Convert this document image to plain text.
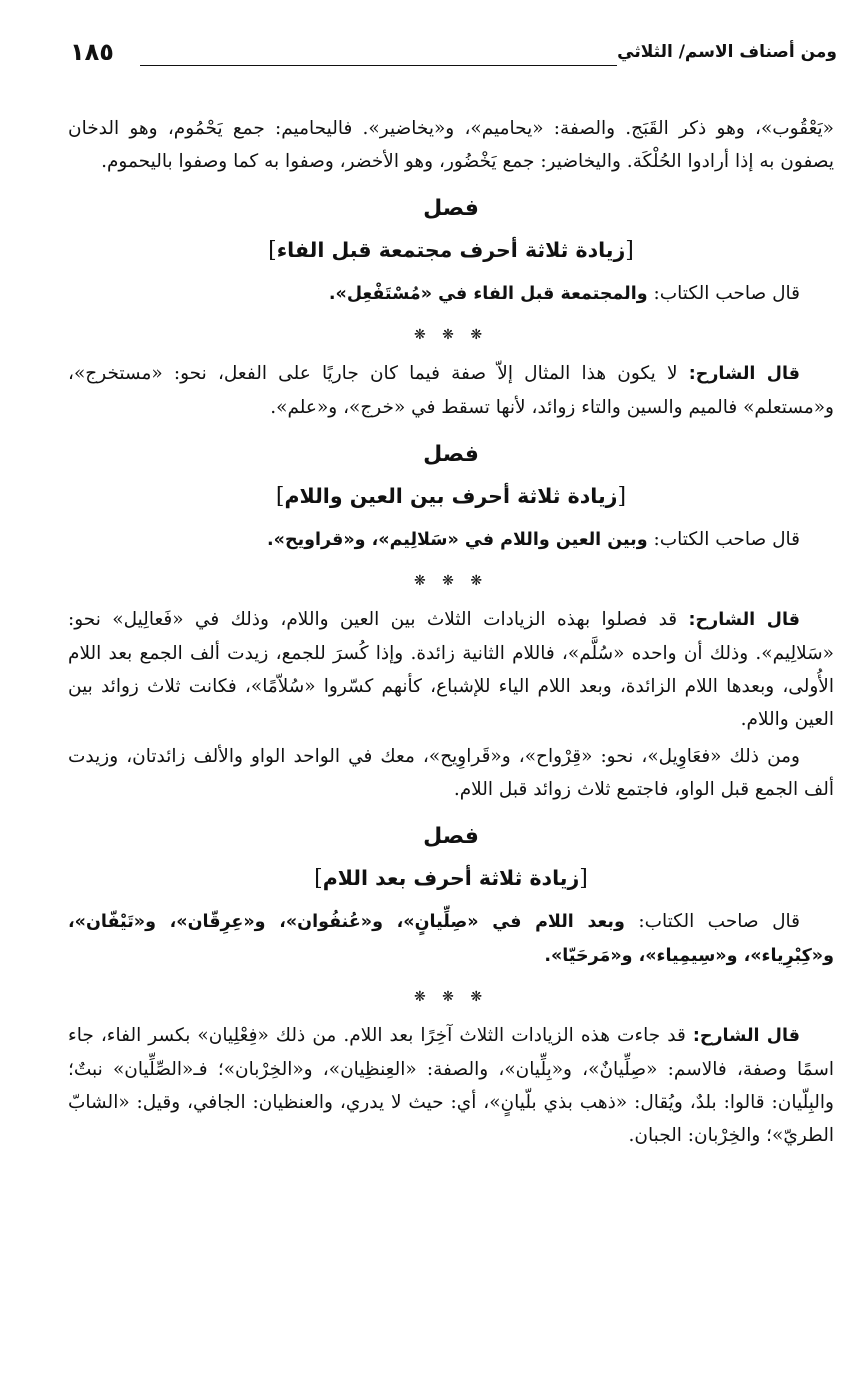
ومن أصناف الاسم/ الثلاثي
١٨٥

«يَعْقُوب»، وهو ذكر القَبَج. والصفة: «يحاميم»، و«يخاضير». فاليحاميم: جمع يَحْمُوم، وهو الدخان يصفون به إذا أرادوا الحُلْكَة. واليخاضير: جمع يَخْضُور، وهو الأخضر، وصفوا به كما وصفوا باليحموم.

فصل
[زيادة ثلاثة أحرف مجتمعة قبل الفاء]

قال صاحب الكتاب: والمجتمعة قبل الفاء في «مُسْتَفْعِل».

❋ ❋ ❋

قال الشارح: لا يكون هذا المثال إلاّ صفة فيما كان جاريًا على الفعل، نحو: «مستخرج»، و«مستعلم» فالميم والسين والتاء زوائد، لأنها تسقط في «خرج»، و«علم».

فصل
[زيادة ثلاثة أحرف بين العين واللام]

قال صاحب الكتاب: وبين العين واللام في «سَلالِيم»، و«قراويح».

❋ ❋ ❋

قال الشارح: قد فصلوا بهذه الزيادات الثلاث بين العين واللام، وذلك في «فَعالِيل» نحو: «سَلالِيم». وذلك أن واحده «سُلَّم»، فاللام الثانية زائدة. وإذا كُسرَ للجمع، زيدت ألف الجمع بعد اللام الأُولى، وبعدها اللام الزائدة، وبعد اللام الياء للإشباع، كأنهم كسّروا «سُلاّمًا»، فكانت ثلاث زوائد بين العين واللام.

ومن ذلك «فعَاوِيل»، نحو: «قِرْواح»، و«قَراوِيح»، معك في الواحد الواو والألف زائدتان، وزيدت ألف الجمع قبل الواو، فاجتمع ثلاث زوائد قبل اللام.

فصل
[زيادة ثلاثة أحرف بعد اللام]

قال صاحب الكتاب: وبعد اللام في «صِلِّيانٍ»، و«عُنفُوان»، و«عِرِقّان»، و«تَيْفّان»، و«كِبْرِياء»، و«سِيمِياء»، و«مَرحَيّا».

❋ ❋ ❋

قال الشارح: قد جاءت هذه الزيادات الثلاث آخِرًا بعد اللام. من ذلك «فِعْلِيان» بكسر الفاء، جاء اسمًا وصفة، فالاسم: «صِلِّيانٌ»، و«بِلِّيان»، والصفة: «العِنظِيان»، و«الخِرْبان»؛ فـ«الصِّلِّيان» نبتٌ؛ والبِلّيان: قالوا: بلدٌ، ويُقال: «ذهب بذي بلّيانٍ»، أي: حيث لا يدري، والعنظيان: الجافي، وقيل: «الشابّ الطريّ»؛ والخِرْبان: الجبان.
